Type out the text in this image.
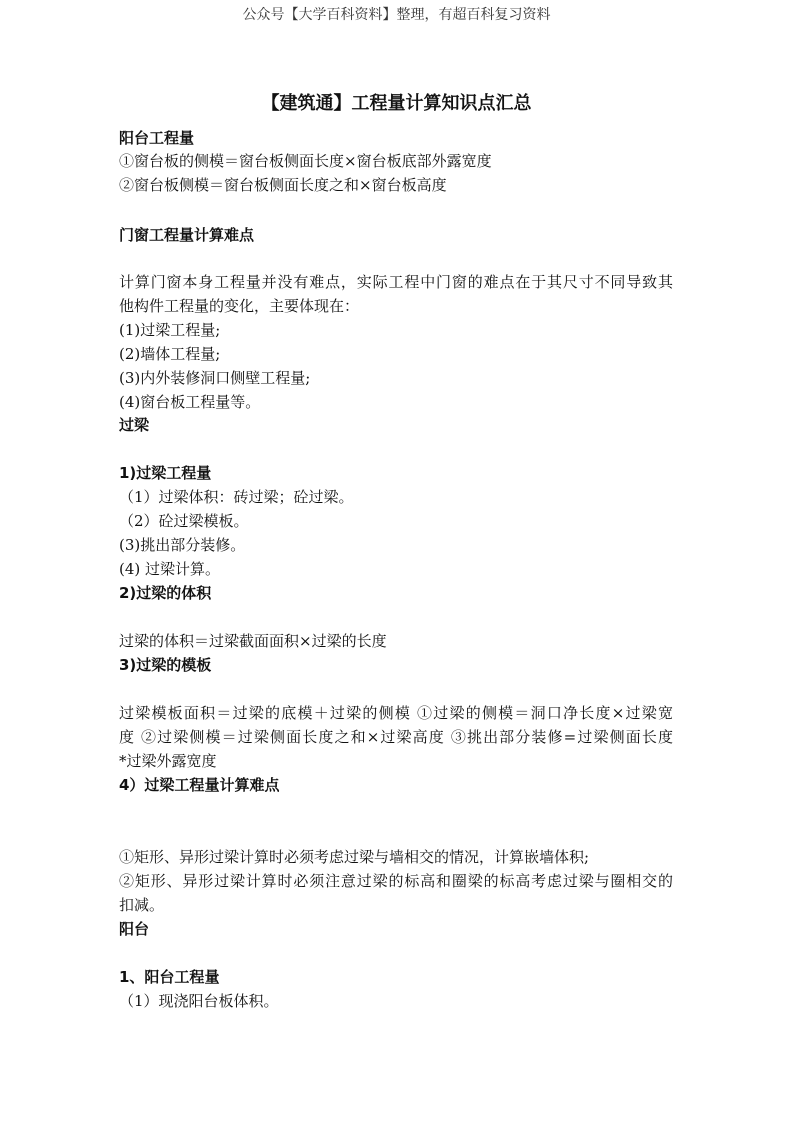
公众号【大学百科资料】整理，有超百科复习资料
【建筑通】工程量计算知识点汇总
阳台工程量
①窗台板的侧模＝窗台板侧面长度×窗台板底部外露宽度
②窗台板侧模＝窗台板侧面长度之和×窗台板高度
门窗工程量计算难点
计算门窗本身工程量并没有难点，实际工程中门窗的难点在于其尺寸不同导致其
他构件工程量的变化，主要体现在：
(1)过梁工程量;
(2)墙体工程量;
(3)内外装修洞口侧壁工程量;
(4)窗台板工程量等。
过梁
1)过梁工程量
（1）过梁体积：砖过梁；砼过梁。
（2）砼过梁模板。
(3)挑出部分装修。
(4) 过梁计算。
2)过梁的体积
过梁的体积＝过梁截面面积×过梁的长度
3)过梁的模板
过梁模板面积＝过梁的底模＋过梁的侧模 ①过梁的侧模＝洞口净长度×过梁宽
度 ②过梁侧模＝过梁侧面长度之和×过梁高度 ③挑出部分装修=过梁侧面长度
*过梁外露宽度
4）过梁工程量计算难点
①矩形、异形过梁计算时必须考虑过梁与墙相交的情况，计算嵌墙体积;
②矩形、异形过梁计算时必须注意过梁的标高和圈梁的标高考虑过梁与圈相交的
扣减。
阳台
1、阳台工程量
（1）现浇阳台板体积。
